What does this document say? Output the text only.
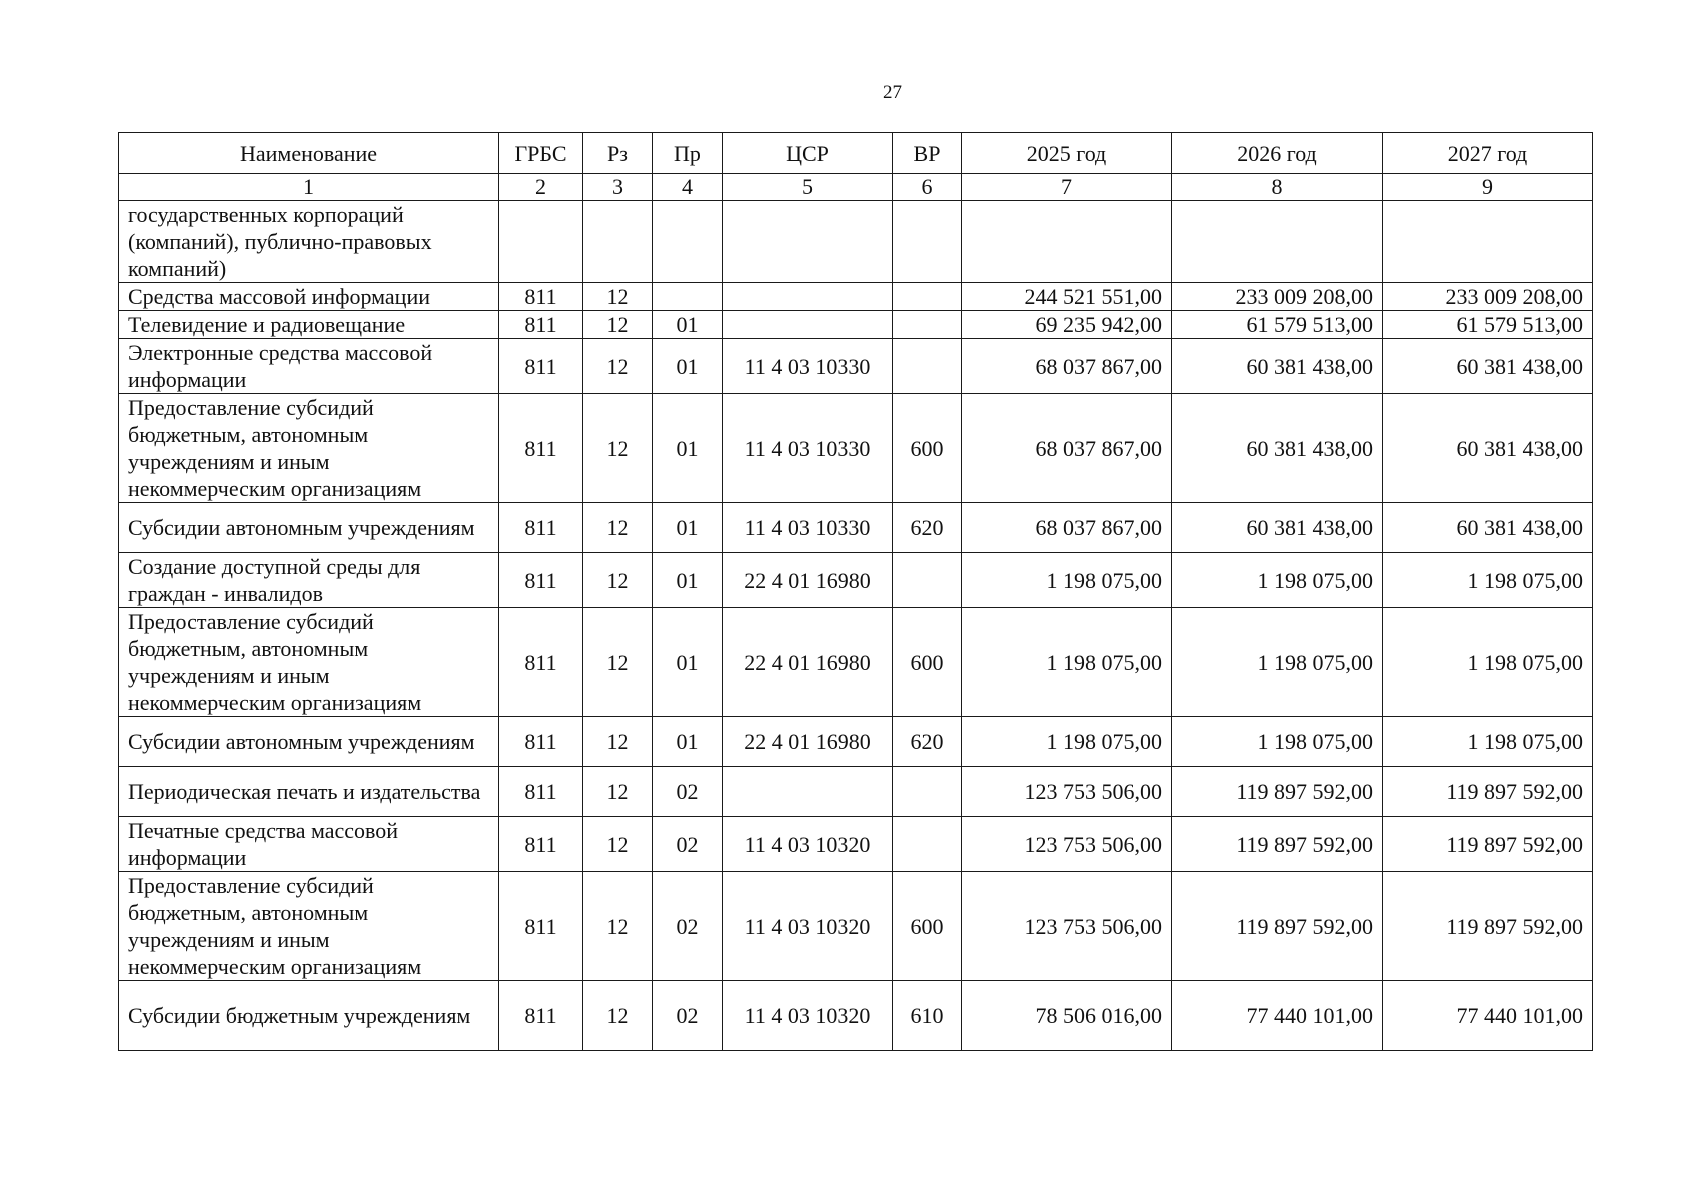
27
Наименование	ГРБС	Рз	Пр	ЦСР	ВР	2025 год	2026 год	2027 год
1	2	3	4	5	6	7	8	9
государственных корпораций (компаний), публично-правовых компаний)								
Средства массовой информации	811	12				244 521 551,00	233 009 208,00	233 009 208,00
Телевидение и радиовещание	811	12	01			69 235 942,00	61 579 513,00	61 579 513,00
Электронные средства массовой информации	811	12	01	11 4 03 10330		68 037 867,00	60 381 438,00	60 381 438,00
Предоставление субсидий бюджетным, автономным учреждениям и иным некоммерческим организациям	811	12	01	11 4 03 10330	600	68 037 867,00	60 381 438,00	60 381 438,00
Субсидии автономным учреждениям	811	12	01	11 4 03 10330	620	68 037 867,00	60 381 438,00	60 381 438,00
Создание доступной среды для граждан - инвалидов	811	12	01	22 4 01 16980		1 198 075,00	1 198 075,00	1 198 075,00
Предоставление субсидий бюджетным, автономным учреждениям и иным некоммерческим организациям	811	12	01	22 4 01 16980	600	1 198 075,00	1 198 075,00	1 198 075,00
Субсидии автономным учреждениям	811	12	01	22 4 01 16980	620	1 198 075,00	1 198 075,00	1 198 075,00
Периодическая печать и издательства	811	12	02			123 753 506,00	119 897 592,00	119 897 592,00
Печатные средства массовой информации	811	12	02	11 4 03 10320		123 753 506,00	119 897 592,00	119 897 592,00
Предоставление субсидий бюджетным, автономным учреждениям и иным некоммерческим организациям	811	12	02	11 4 03 10320	600	123 753 506,00	119 897 592,00	119 897 592,00
Субсидии бюджетным учреждениям	811	12	02	11 4 03 10320	610	78 506 016,00	77 440 101,00	77 440 101,00
